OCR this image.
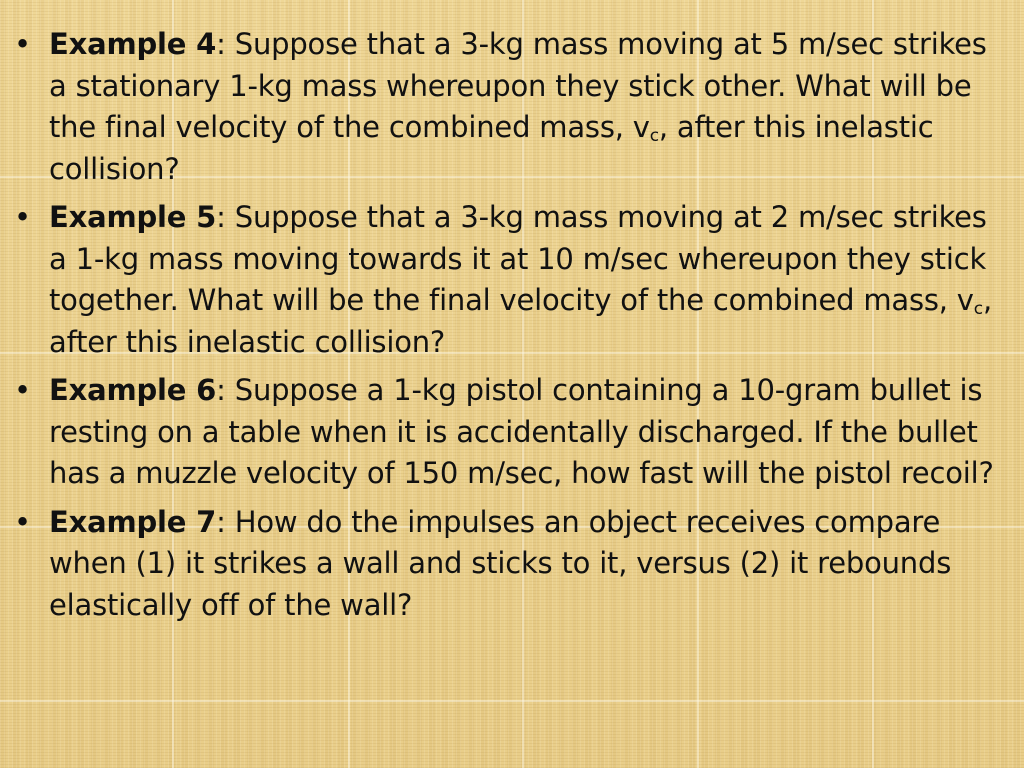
• Example 4: Suppose that a 3-kg mass moving at 5 m/sec strikes a stationary 1-kg mass whereupon they stick other. What will be the final velocity of the combined mass, $v_c$, after this inelastic collision?
• Example 5: Suppose that a 3-kg mass moving at 2 m/sec strikes a 1-kg mass moving towards it at 10 m/sec whereupon they stick together. What will be the final velocity of the combined mass, $v_c$, after this inelastic collision?
• Example 6: Suppose a 1-kg pistol containing a 10-gram bullet is resting on a table when it is accidentally discharged. If the bullet has a muzzle velocity of 150 m/sec, how fast will the pistol recoil?
• Example 7: How do the impulses an object receives compare when (1) it strikes a wall and sticks to it, versus (2) it rebounds elastically off of the wall?
